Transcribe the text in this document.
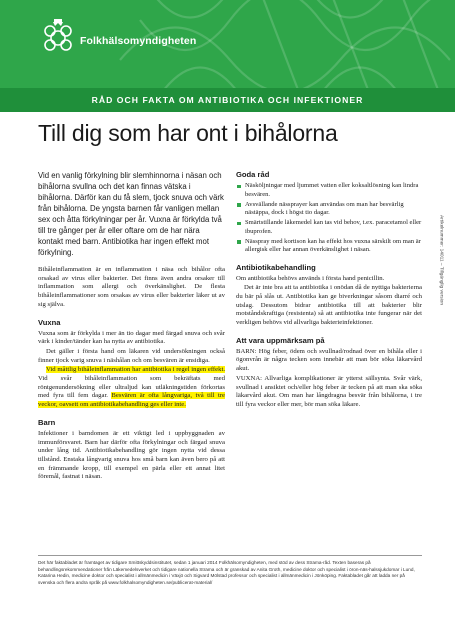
Folkhälsomyndigheten
RÅD OCH FAKTA OM ANTIBIOTIKA OCH INFEKTIONER
Till dig som har ont i bihålorna

Vid en vanlig förkylning blir slemhinnorna i näsan och bihålorna svullna och det kan finnas vätska i bihålorna. Därför kan du få slem, tjock snuva och värk från bihålorna. De yngsta barnen får vanligen mellan sex och åtta förkylningar per år. Vuxna är förkylda två till tre gånger per år eller oftare om de har nära kontakt med barn. Antibiotika har ingen effekt mot förkylning.

Bihåleinflammation är en inflammation i näsa och bihålor ofta orsakad av virus eller bakterier. Det finns även andra orsaker till inflammation som allergi och överkänslighet. De flesta bihåleinflammationer som orsakas av virus eller bakterier läker ut av sig själva.

Vuxna

Vuxna som är förkylda i mer än tio dagar med färgad snuva och svår värk i kinder/tänder kan ha nytta av antibiotika.

Det gäller i första hand om läkaren vid undersökningen också finner tjock varig snuva i näshålan och om besvären är ensidiga.

Vid måttlig bihåleinflammation har antibiotika i regel ingen effekt. Vid svår bihåleinflammation som bekräftats med röntgenundersökning eller ultraljud kan utläkningstiden förkortas med fyra till fem dagar. Besvären är ofta långvariga, två till tre veckor, oavsett om antibiotikabehandling ges eller inte.

Barn

Infektioner i barndomen är ett viktigt led i uppbyggnaden av immunförsvaret. Barn har därför ofta förkylningar och färgad snuva under lång tid. Antibiotikabehandling gör ingen nytta vid dessa tillstånd. Enstaka långvarig snuva hos små barn kan även bero på att en främmande kropp, till exempel en pärla eller ett annat litet föremål, fastnat i näsan.

Goda råd
Näsköljningar med ljummet vatten eller koksaltlösning kan lindra besvären.
Avsvällande nässprayer kan användas om man har besvärlig nästäppa, dock i högst tio dagar.
Smärtstillande läkemedel kan tas vid behov, t.ex. paracetamol eller ibuprofen.
Nässpray med kortison kan ha effekt hos vuxna särskilt om man är allergisk eller har annan överkänslighet i näsan.
Antibiotikabehandling

Om antibiotika behövs används i första hand penicillin.

Det är inte bra att ta antibiotika i onödan då de nyttiga bakterierna du bär på slås ut. Antibiotika kan ge biverkningar såsom diarré och utslag. Dessutom bidrar antibiotika till att bakterier blir motståndskraftiga (resistenta) så att antibiotika inte fungerar när det verkligen behövs vid allvarliga bakterieinfektioner.

Att vara uppmärksam på

BARN: Hög feber, ödem och svullnad/rodnad över en bihåla eller i ögonvrån är några tecken som innebär att man bör söka läkarvård akut.

VUXNA: Allvarliga komplikationer är ytterst sällsynta. Svår värk, svullnad i ansiktet och/eller hög feber är tecken på att man ska söka läkarvård akut. Om man har långdragna besvär från bihålorna, i tre till fyra veckor eller mer, bör man söka läkare.

Artikelnummer: 14011 – Tillgänglig version

Det här faktabladet är framtaget av tidigare Smittskyddsinstitutet, sedan 1 januari 2014 Folkhälsomyndigheten, med stöd av dess Strama-råd. Texten baseras på behandlingsrekommendationer från Läkemedelsverket och tidigare nationella Strama och är granskad av Anita Groth, medicine doktor och specialist i öron-näs-halssjukdomar i Lund, Katarina Hedin, medicine doktor och specialist i allmänmedicin i Växjö och Sigvard Mölstad professor och specialist i allmänmedicin i Jönköping. Faktabladet går att ladda ner på svenska och flera andra språk på www.folkhalsomyndigheten.se/publicerat-material/
